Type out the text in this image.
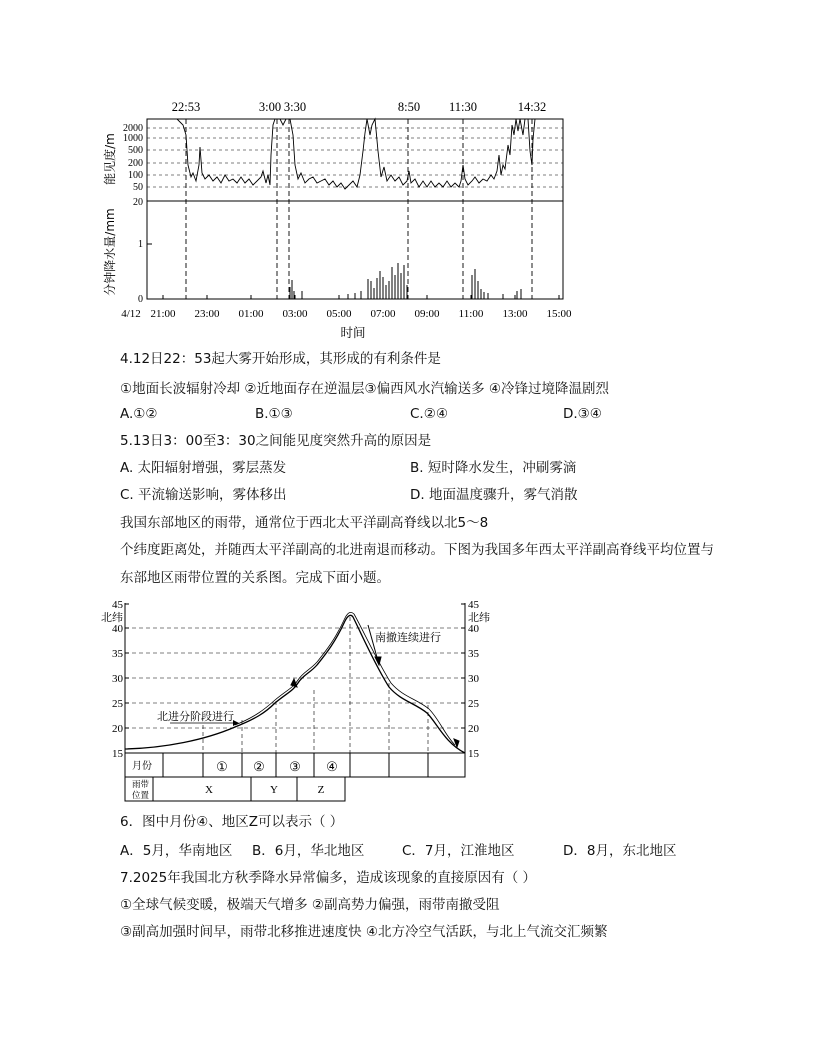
22:53	3:00 3:30	8:50 11:30	14:32
2000
1000
500
200
100
50
20
能见度/m
1
0
分钟降水量/mm
4/12 21:00 23:00 01:00 03:00 05:00 07:00 09:00 11:00 13:00 15:00
时间
4.12日22：53起大雾开始形成，其形成的有利条件是
①地面长波辐射冷却 ②近地面存在逆温层③偏西风水汽输送多 ④冷锋过境降温剧烈
A.①②	B.①③	C.②④	D.③④
5.13日3：00至3：30之间能见度突然升高的原因是
A. 太阳辐射增强，雾层蒸发	B. 短时降水发生，冲刷雾滴
C. 平流输送影响，雾体移出	D. 地面温度骤升，雾气消散
我国东部地区的雨带，通常位于西北太平洋副高脊线以北5～8
个纬度距离处，并随西太平洋副高的北进南退而移动。下图为我国多年西太平洋副高脊线平均位置与
东部地区雨带位置的关系图。完成下面小题。
45
40
35
30
25
20
15
北纬
45
40
35
30
25
20
15
北纬
北进分阶段进行
南撤连续进行
月份	① ② ③ ④
雨带
位置	X	Y	Z
6．图中月份④、地区Z可以表示（ ）
A．5月，华南地区 B．6月，华北地区	C．7月，江淮地区	D．8月，东北地区
7.2025年我国北方秋季降水异常偏多，造成该现象的直接原因有（ ）
①全球气候变暖，极端天气增多 ②副高势力偏强，雨带南撤受阻
③副高加强时间早，雨带北移推进速度快 ④北方冷空气活跃，与北上气流交汇频繁
